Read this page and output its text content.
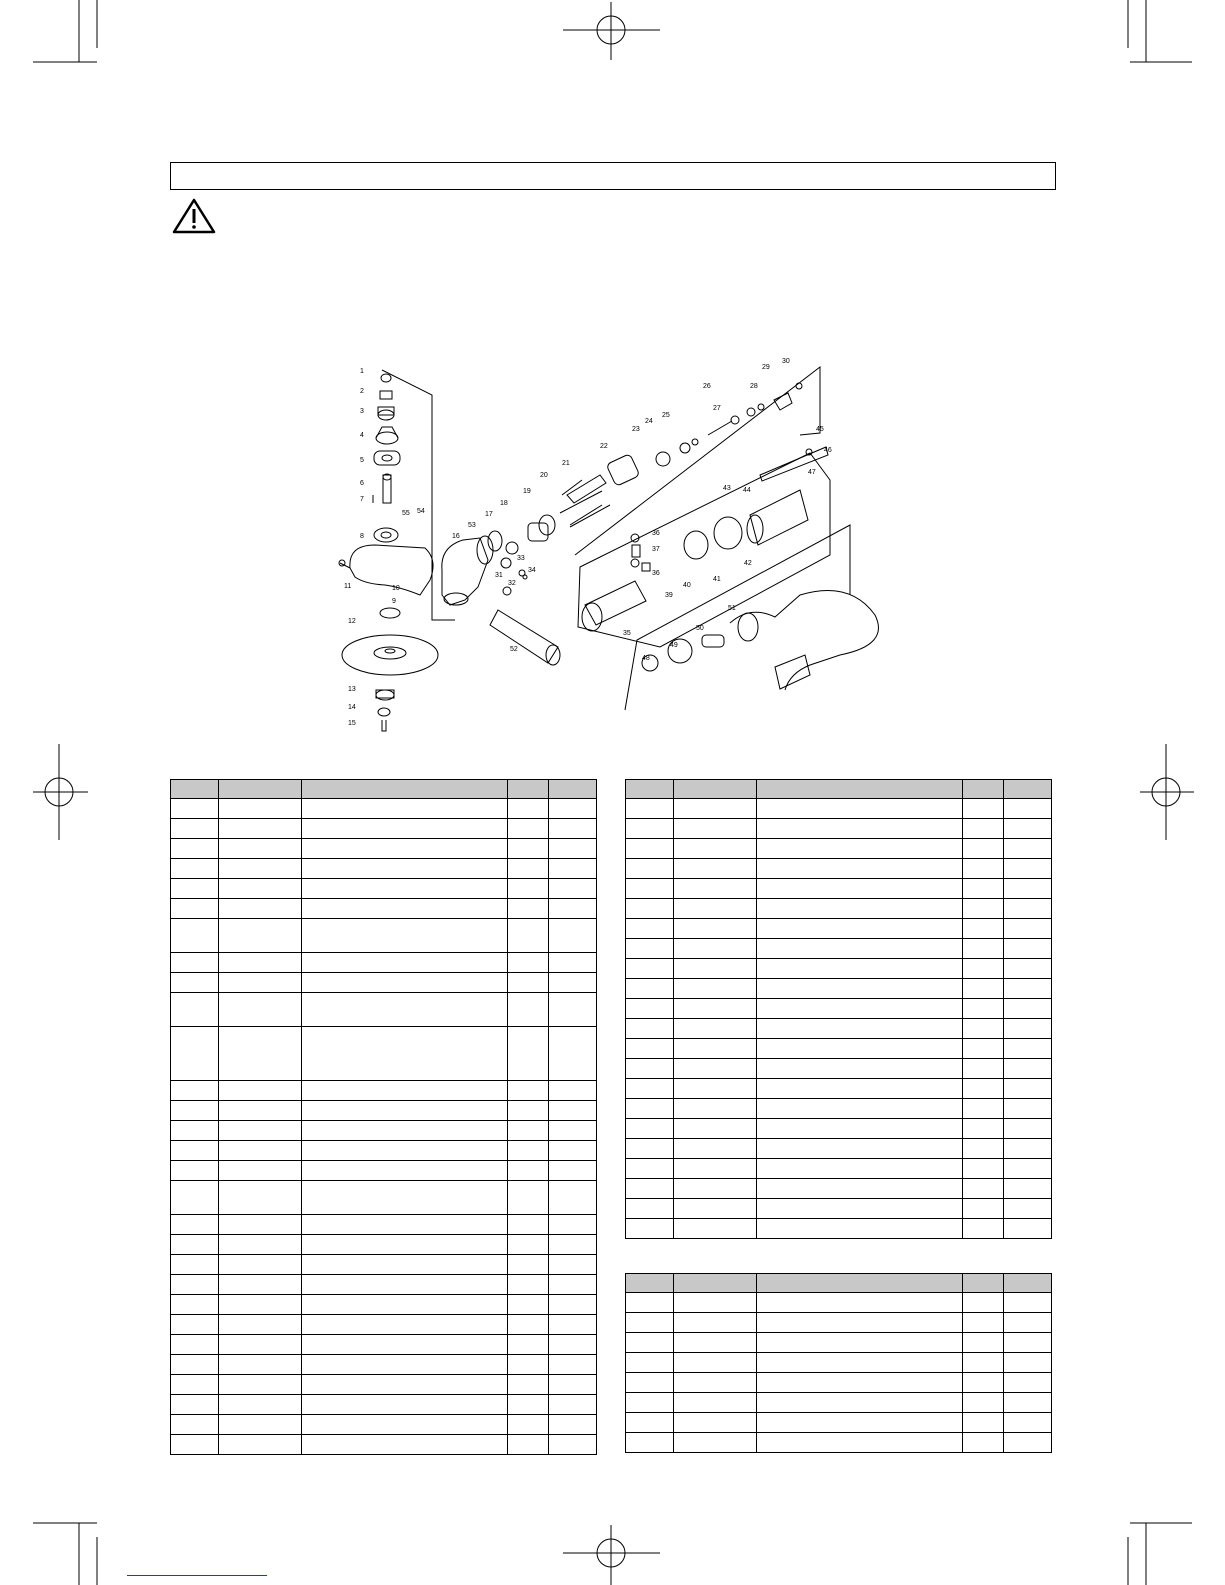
1
2
3
4
5
6
7
8
9
10
11
12
13
14
15
16
17
18
19
20
21
22
23
24
25
26
27
28
29
30
31
32
33
34
35
36
37
36
39
40
41
42
43 44
45
46
47
48
49
50
51
52
53
54
55
